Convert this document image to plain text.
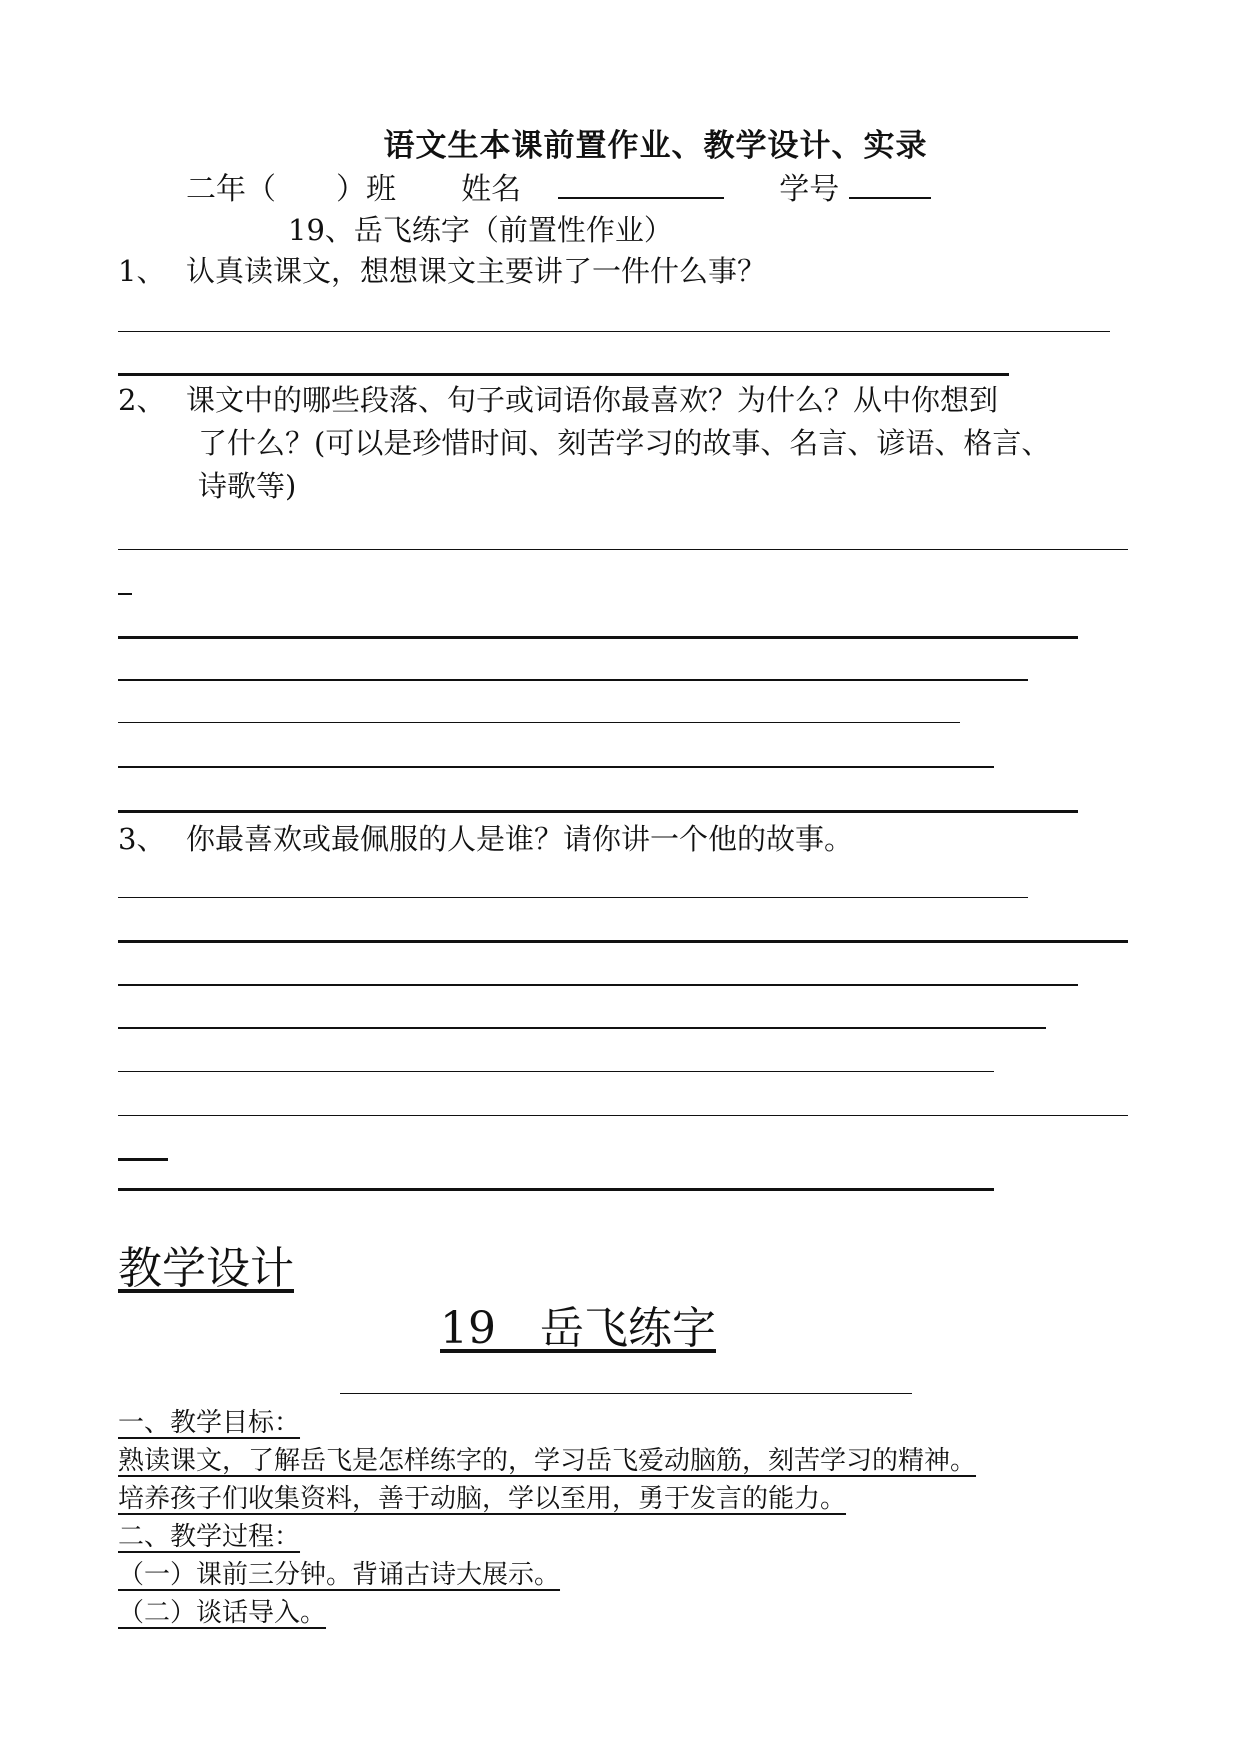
语文生本课前置作业、教学设计、实录
二年（　　）班 姓名	学号
19、岳飞练字（前置性作业）
1、 认真读课文，想想课文主要讲了一件什么事？
2、 课文中的哪些段落、句子或词语你最喜欢？为什么？从中你想到
了什么？(可以是珍惜时间、刻苦学习的故事、名言、谚语、格言、
诗歌等)
3、 你最喜欢或最佩服的人是谁？请你讲一个他的故事。
教学设计
19　岳飞练字
一、教学目标：
熟读课文，了解岳飞是怎样练字的，学习岳飞爱动脑筋，刻苦学习的精神。
培养孩子们收集资料，善于动脑，学以至用，勇于发言的能力。
二、教学过程：
（一）课前三分钟。背诵古诗大展示。
（二）谈话导入。
